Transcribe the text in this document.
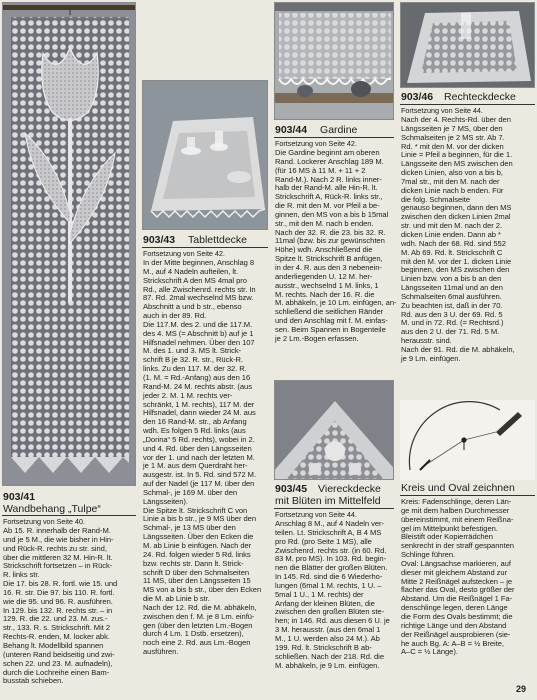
903/41
Wandbehang „Tulpe“
Fortsetzung von Seite 40.
Ab 15. R. innerhalb der Rand-M.
und je 5 M., die wie bisher in Hin-
und Rück-R. rechts zu str. sind,
über die mittleren 32 M. Hin-R. lt.
Strickschrift fortsetzen – in Rück-
R. links str.
Die 17. bis 28. R. fortl. wie 15. und
16. R. str. Die 97. bis 110. R. fortl.
wie die 95. und 96. R. ausführen.
In 129. bis 132. R. rechts str. – in
129. R. die 22. und 23. M. zus.-
str., 133. R. s. Strickschrift. Mit 2
Rechts-R. enden, M. locker abk.
Behang lt. Modellbild spannen
(unteren Rand beidseitig und zwi-
schen 22. und 23. M. aufnadeln),
durch die Lochreihe einen Bam-
busstab schieben.
903/43 Tablettdecke
Fortsetzung von Seite 42.
In der Mitte beginnen, Anschlag 8
M., auf 4 Nadeln aufteilen, lt.
Strickschrift A den MS 4mal pro
Rd., alle Zwischenrd. rechts str. In
87. Rd. 2mal wechselnd MS bzw.
Abschnitt a und b str., ebenso
auch in der 89. Rd.
Die 117.M. des 2. und die 117.M.
des 4. MS (= Abschnitt b) auf je 1
Hilfsnadel nehmen. Über den 107
M. des 1. und 3. MS lt. Strick-
schrift B je 32. R. str., Rück-R.
links. Zu den 117. M. der 32. R.
(1. M. = Rd.-Anfang) aus den 16
Rand-M. 24 M. rechts abstr. (aus
jeder 2. M. 1 M. rechts ver-
schränkt, 1 M. rechts), 117 M. der
Hilfsnadel, dann wieder 24 M. aus
den 16 Rand-M. str., ab Anfang
wdh. Es folgen 5 Rd. links (aus
„Dorina“ 5 Rd. rechts), wobei in 2.
und 4. Rd. über den Längsseiten
vor der 1. und nach der letzten M.
je 1 M. aus dem Querdraht her-
ausgestr. ist. In 5. Rd. sind 572 M.
auf der Nadel (je 117 M. über den
Schmal-, je 169 M. über den
Längsseiten).
Die Spitze lt. Strickschrift C von
Linie a bis b str., je 9 MS über den
Schmal-, je 13 MS über den
Längsseiten. Über den Ecken die
M. ab Linie b einfügen. Nach der
24. Rd. folgen wieder 5 Rd. links
bzw. rechts str. Dann lt. Strick-
schrift D über den Schmalseiten
11 MS, über den Längsseiten 15
MS von a bis b str., über den Ecken
die M. ab Linie b str.
Nach der 12. Rd. die M. abhäkeln,
zwischen den f. M. je 8 Lm. einfü-
gen (über den letzten Lm.-Bogen
durch 4 Lm. 1 Dstb. ersetzen),
noch eine 2. Rd. aus Lm.-Bogen
ausführen.
903/44 Gardine
Fortsetzung von Seite 42.
Die Gardine beginnt am oberen
Rand. Lockerer Anschlag 189 M.
(für 16 MS à 11 M. + 11 + 2
Rand-M.). Nach 2 R. links inner-
halb der Rand-M. alle Hin-R. lt.
Strickschrift A, Rück-R. links str.,
die R. mit den M. vor Pfeil a be-
ginnen, den MS von a bis b 15mal
str., mit den M. nach b enden.
Nach der 32. R. die 23. bis 32. R.
11mal (bzw. bis zur gewünschten
Höhe) wdh. Anschließend die
Spitze lt. Strickschrift B anfügen,
in der 4. R. aus den 3 nebenein-
anderliegenden U. 12 M. her-
ausstr., wechselnd 1 M. links, 1
M. rechts. Nach der 16. R. die
M. abhäkeln, je 10 Lm. einfügen, an-
schließend die seitlichen Ränder
und den Anschlag mit f. M. einfas-
sen. Beim Spannen in Bogenteile
je 2 Lm.-Bogen erfassen.
903/45 Viereckdecke
mit Blüten im Mittelfeld
Fortsetzung von Seite 44.
Anschlag 8 M., auf 4 Nadeln ver-
teilen. Lt. Strickschrift A, B 4 MS
pro Rd. (pro Seite 1 MS), alle
Zwischenrd. rechts str. (in 60. Rd.
83 M. pro MS). In 103. Rd. begin-
nen die Blätter der großen Blüten.
In 145. Rd. sind die 6 Wiederho-
lungen (6mal 1 M. rechts, 1 U. –
5mal 1 U., 1 M. rechts) der
Anfang der kleinen Blüten, die
zwischen den großen Blüten ste-
hen; in 146. Rd. aus diesen 6 U. je
3 M. herausstr. (aus den 6mal 1
M., 1 U. werden also 24 M.). Ab
199. Rd. lt. Strickschrift B ab-
schließen. Nach der 218. Rd. die
M. abhäkeln, je 9 Lm. einfügen.
903/46 Rechteckdecke
Fortsetzung von Seite 44.
Nach der 4. Rechts-Rd. über den
Längsseiten je 7 MS, über den
Schmalseiten je 2 MS str. Ab 7.
Rd. * mit den M. vor der dicken
Linie = Pfeil a beginnen, für die 1.
Längsseite den MS zwischen den
dicken Linien, also von a bis b,
7mal str., mit den M. nach der
dicken Linie nach b enden. Für
die folg. Schmalseite
genauso beginnen, dann den MS
zwischen den dicken Linien 2mal
str. und mit den M. nach der 2.
dicken Linie enden. Dann ab *
wdh. Nach der 68. Rd. sind 552
M. Ab 69. Rd. lt. Strickschrift C
mit den M. vor der 1. dicken Linie
beginnen, den MS zwischen den
Linien bzw. von a bis b an den
Längsseiten 11mal und an den
Schmalseiten 6mal ausführen.
Zu beachten ist, daß in der 70.
Rd. aus den 3 U. der 69. Rd. 5
M. und in 72. Rd. (= Rechtsrd.)
aus den 2 U. der 71. Rd. 5 M.
herausstr. sind.
Nach der 91. Rd. die M. abhäkeln,
je 9 Lm. einfügen.
Kreis und Oval zeichnen
Kreis: Fadenschlinge, deren Län-
ge mit dem halben Durchmesser
übereinstimmt, mit einem Reißna-
gel im Mittelpunkt befestigen.
Bleistift oder Kopierrädchen
senkrecht in der straff gespannten
Schlinge führen.
Oval: Längsachse markieren, auf
dieser mit gleichem Abstand zur
Mitte 2 Reißnägel aufstecken – je
flacher das Oval, desto größer der
Abstand. Um die Reißnägel 1 Fa-
denschlinge legen, deren Länge
die Form des Ovals bestimmt; die
richtige Länge und den Abstand
der Reißnägel ausprobieren (sie-
he auch Bg. A: A–B = ½ Breite,
A–C = ½ Länge).
29
